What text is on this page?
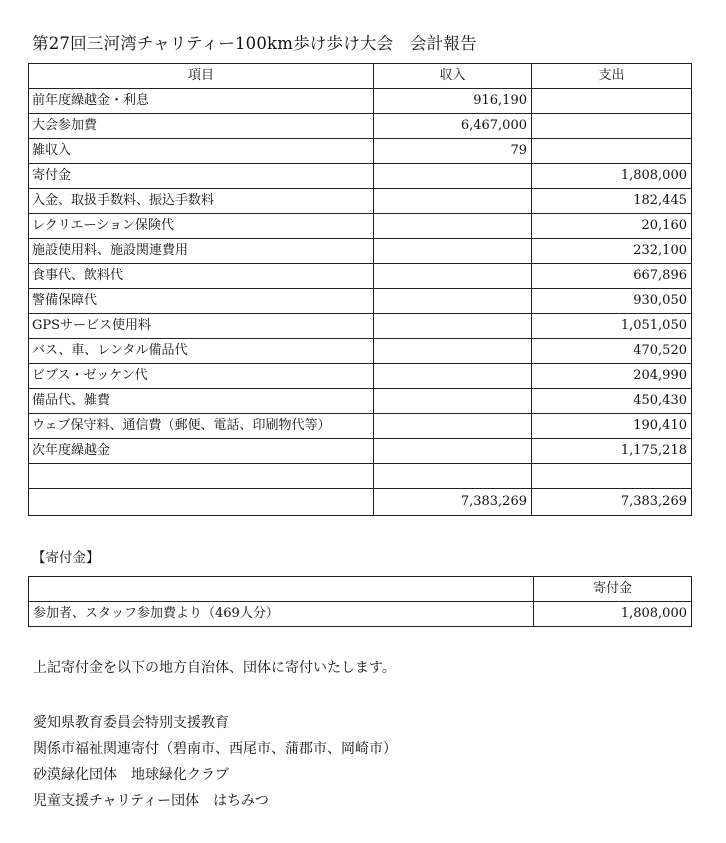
第27回三河湾チャリティー100km歩け歩け大会　会計報告
項目	収入	支出
前年度繰越金・利息	916,190	
大会参加費	6,467,000	
雑収入	79	
寄付金		1,808,000
入金、取扱手数料、振込手数料		182,445
レクリエーション保険代		20,160
施設使用料、施設関連費用		232,100
食事代、飲料代		667,896
警備保障代		930,050
GPSサービス使用料		1,051,050
バス、車、レンタル備品代		470,520
ビブス・ゼッケン代		204,990
備品代、雑費		450,430
ウェブ保守料、通信費（郵便、電話、印刷物代等）		190,410
次年度繰越金		1,175,218

	7,383,269	7,383,269
【寄付金】
	寄付金
参加者、スタッフ参加費より（469人分）	1,808,000
上記寄付金を以下の地方自治体、団体に寄付いたします。
愛知県教育委員会特別支援教育
関係市福祉関連寄付（碧南市、西尾市、蒲郡市、岡崎市）
砂漠緑化団体　地球緑化クラブ
児童支援チャリティー団体　はちみつ
